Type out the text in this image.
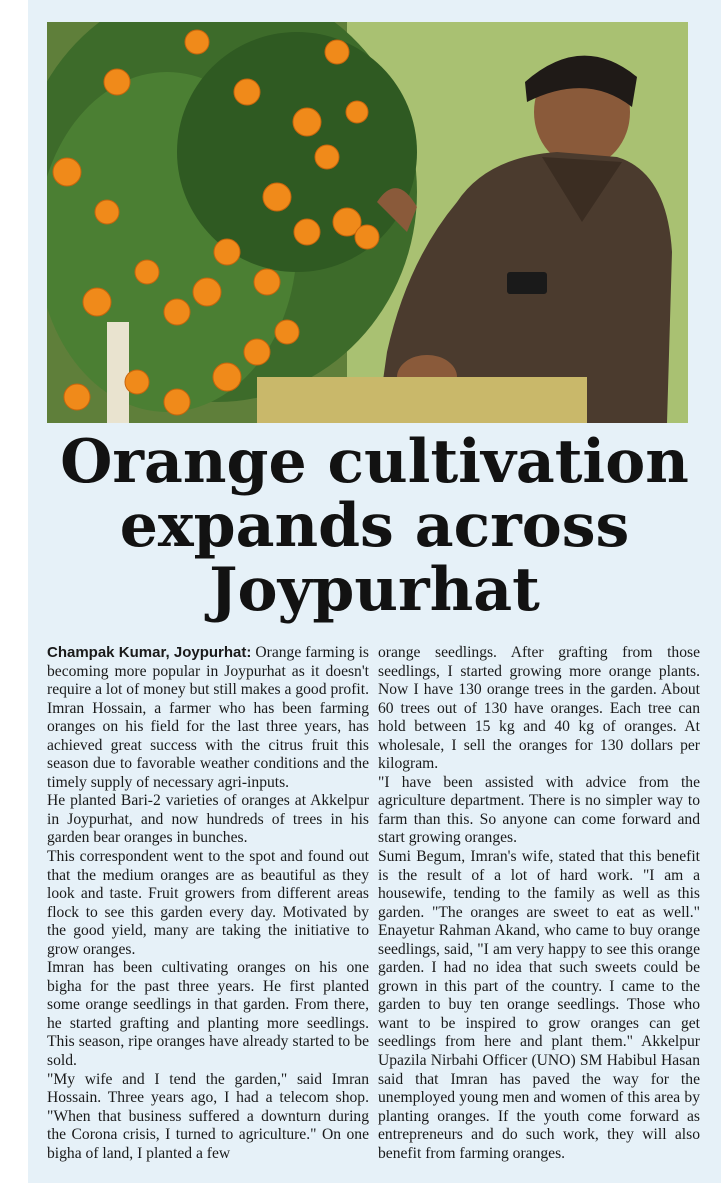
Orange cultivation
expands across
Joypurhat

Champak Kumar, Joypurhat: Orange farming is becoming more popular in Joypurhat as it doesn't require a lot of money but still makes a good profit. Imran Hossain, a farmer who has been farming oranges on his field for the last three years, has achieved great success with the citrus fruit this season due to favorable weather conditions and the timely supply of necessary agri-inputs.

He planted Bari-2 varieties of oranges at Akkelpur in Joypurhat, and now hundreds of trees in his garden bear oranges in bunches.

This correspondent went to the spot and found out that the medium oranges are as beautiful as they look and taste. Fruit growers from different areas flock to see this garden every day. Motivated by the good yield, many are taking the initiative to grow oranges.

Imran has been cultivating oranges on his one bigha for the past three years. He first planted some orange seedlings in that garden. From there, he started grafting and planting more seedlings. This season, ripe oranges have already started to be sold.

"My wife and I tend the garden," said Imran Hossain. Three years ago, I had a telecom shop. "When that business suffered a downturn during the Corona crisis, I turned to agriculture." On one bigha of land, I planted a few

orange seedlings. After grafting from those seedlings, I started growing more orange plants. Now I have 130 orange trees in the garden. About 60 trees out of 130 have oranges. Each tree can hold between 15 kg and 40 kg of oranges. At wholesale, I sell the oranges for 130 dollars per kilogram.

"I have been assisted with advice from the agriculture department. There is no simpler way to farm than this. So anyone can come forward and start growing oranges.

Sumi Begum, Imran's wife, stated that this benefit is the result of a lot of hard work. "I am a housewife, tending to the family as well as this garden. "The oranges are sweet to eat as well." Enayetur Rahman Akand, who came to buy orange seedlings, said, "I am very happy to see this orange garden. I had no idea that such sweets could be grown in this part of the country. I came to the garden to buy ten orange seedlings. Those who want to be inspired to grow oranges can get seedlings from here and plant them." Akkelpur Upazila Nirbahi Officer (UNO) SM Habibul Hasan said that Imran has paved the way for the unemployed young men and women of this area by planting oranges. If the youth come forward as entrepreneurs and do such work, they will also benefit from farming oranges.
